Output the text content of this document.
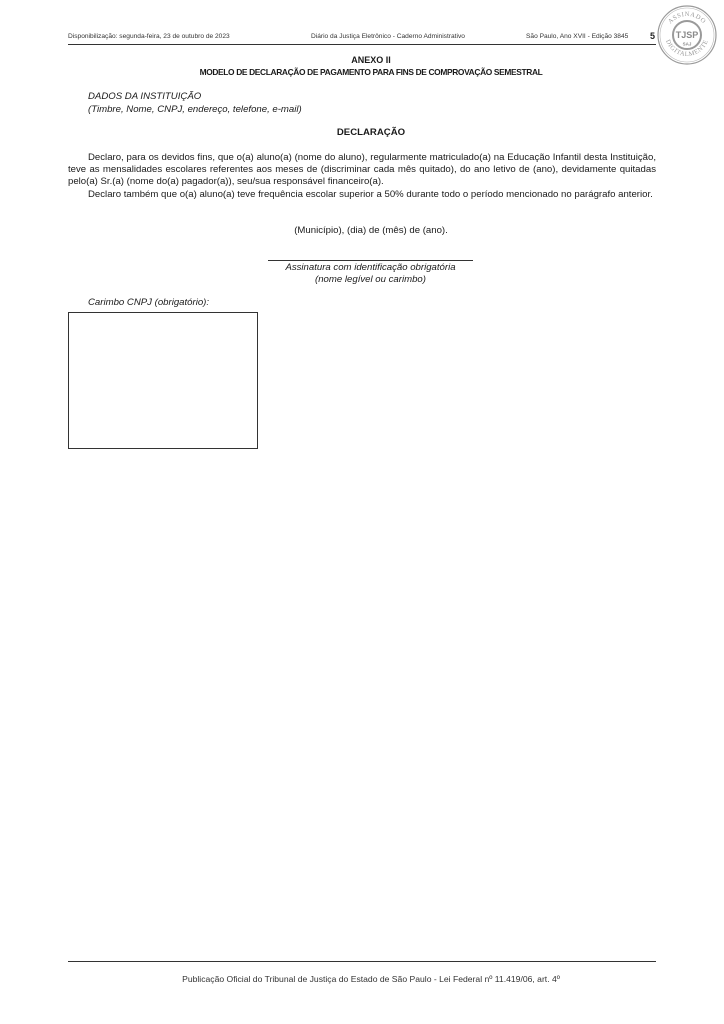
Disponibilização: segunda-feira, 23 de outubro de 2023	Diário da Justiça Eletrônico - Caderno Administrativo	São Paulo, Ano XVII - Edição 3845 5
ASSINADO
DIGITALMENTE
TJSP
SAJ
ANEXO II
MODELO DE DECLARAÇÃO DE PAGAMENTO PARA FINS DE COMPROVAÇÃO SEMESTRAL
DADOS DA INSTITUIÇÃO
(Timbre, Nome, CNPJ, endereço, telefone, e-mail)
DECLARAÇÃO

Declaro, para os devidos fins, que o(a) aluno(a) (nome do aluno), regularmente matriculado(a) na Educação Infantil desta Instituição, teve as mensalidades escolares referentes aos meses de (discriminar cada mês quitado), do ano letivo de (ano), devidamente quitadas pelo(a) Sr.(a) (nome do(a) pagador(a)), seu/sua responsável financeiro(a).

Declaro também que o(a) aluno(a) teve frequência escolar superior a 50% durante todo o período mencionado no parágrafo anterior.

(Município), (dia) de (mês) de (ano).
Assinatura com identificação obrigatória
(nome legível ou carimbo)
Carimbo CNPJ (obrigatório):
Publicação Oficial do Tribunal de Justiça do Estado de São Paulo - Lei Federal nº 11.419/06, art. 4º
